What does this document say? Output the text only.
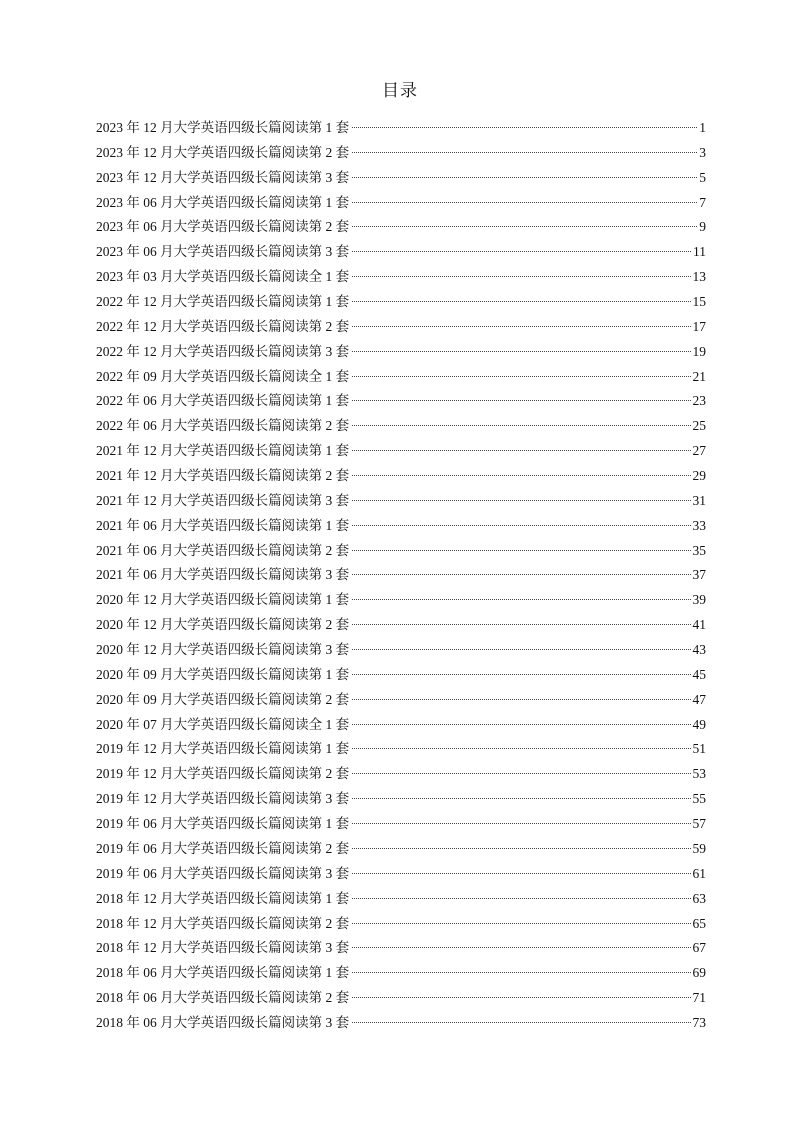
目录
2023 年 12 月大学英语四级长篇阅读第 1 套	1
2023 年 12 月大学英语四级长篇阅读第 2 套	3
2023 年 12 月大学英语四级长篇阅读第 3 套	5
2023 年 06 月大学英语四级长篇阅读第 1 套	7
2023 年 06 月大学英语四级长篇阅读第 2 套	9
2023 年 06 月大学英语四级长篇阅读第 3 套	11
2023 年 03 月大学英语四级长篇阅读全 1 套	13
2022 年 12 月大学英语四级长篇阅读第 1 套	15
2022 年 12 月大学英语四级长篇阅读第 2 套	17
2022 年 12 月大学英语四级长篇阅读第 3 套	19
2022 年 09 月大学英语四级长篇阅读全 1 套	21
2022 年 06 月大学英语四级长篇阅读第 1 套	23
2022 年 06 月大学英语四级长篇阅读第 2 套	25
2021 年 12 月大学英语四级长篇阅读第 1 套	27
2021 年 12 月大学英语四级长篇阅读第 2 套	29
2021 年 12 月大学英语四级长篇阅读第 3 套	31
2021 年 06 月大学英语四级长篇阅读第 1 套	33
2021 年 06 月大学英语四级长篇阅读第 2 套	35
2021 年 06 月大学英语四级长篇阅读第 3 套	37
2020 年 12 月大学英语四级长篇阅读第 1 套	39
2020 年 12 月大学英语四级长篇阅读第 2 套	41
2020 年 12 月大学英语四级长篇阅读第 3 套	43
2020 年 09 月大学英语四级长篇阅读第 1 套	45
2020 年 09 月大学英语四级长篇阅读第 2 套	47
2020 年 07 月大学英语四级长篇阅读全 1 套	49
2019 年 12 月大学英语四级长篇阅读第 1 套	51
2019 年 12 月大学英语四级长篇阅读第 2 套	53
2019 年 12 月大学英语四级长篇阅读第 3 套	55
2019 年 06 月大学英语四级长篇阅读第 1 套	57
2019 年 06 月大学英语四级长篇阅读第 2 套	59
2019 年 06 月大学英语四级长篇阅读第 3 套	61
2018 年 12 月大学英语四级长篇阅读第 1 套	63
2018 年 12 月大学英语四级长篇阅读第 2 套	65
2018 年 12 月大学英语四级长篇阅读第 3 套	67
2018 年 06 月大学英语四级长篇阅读第 1 套	69
2018 年 06 月大学英语四级长篇阅读第 2 套	71
2018 年 06 月大学英语四级长篇阅读第 3 套	73
